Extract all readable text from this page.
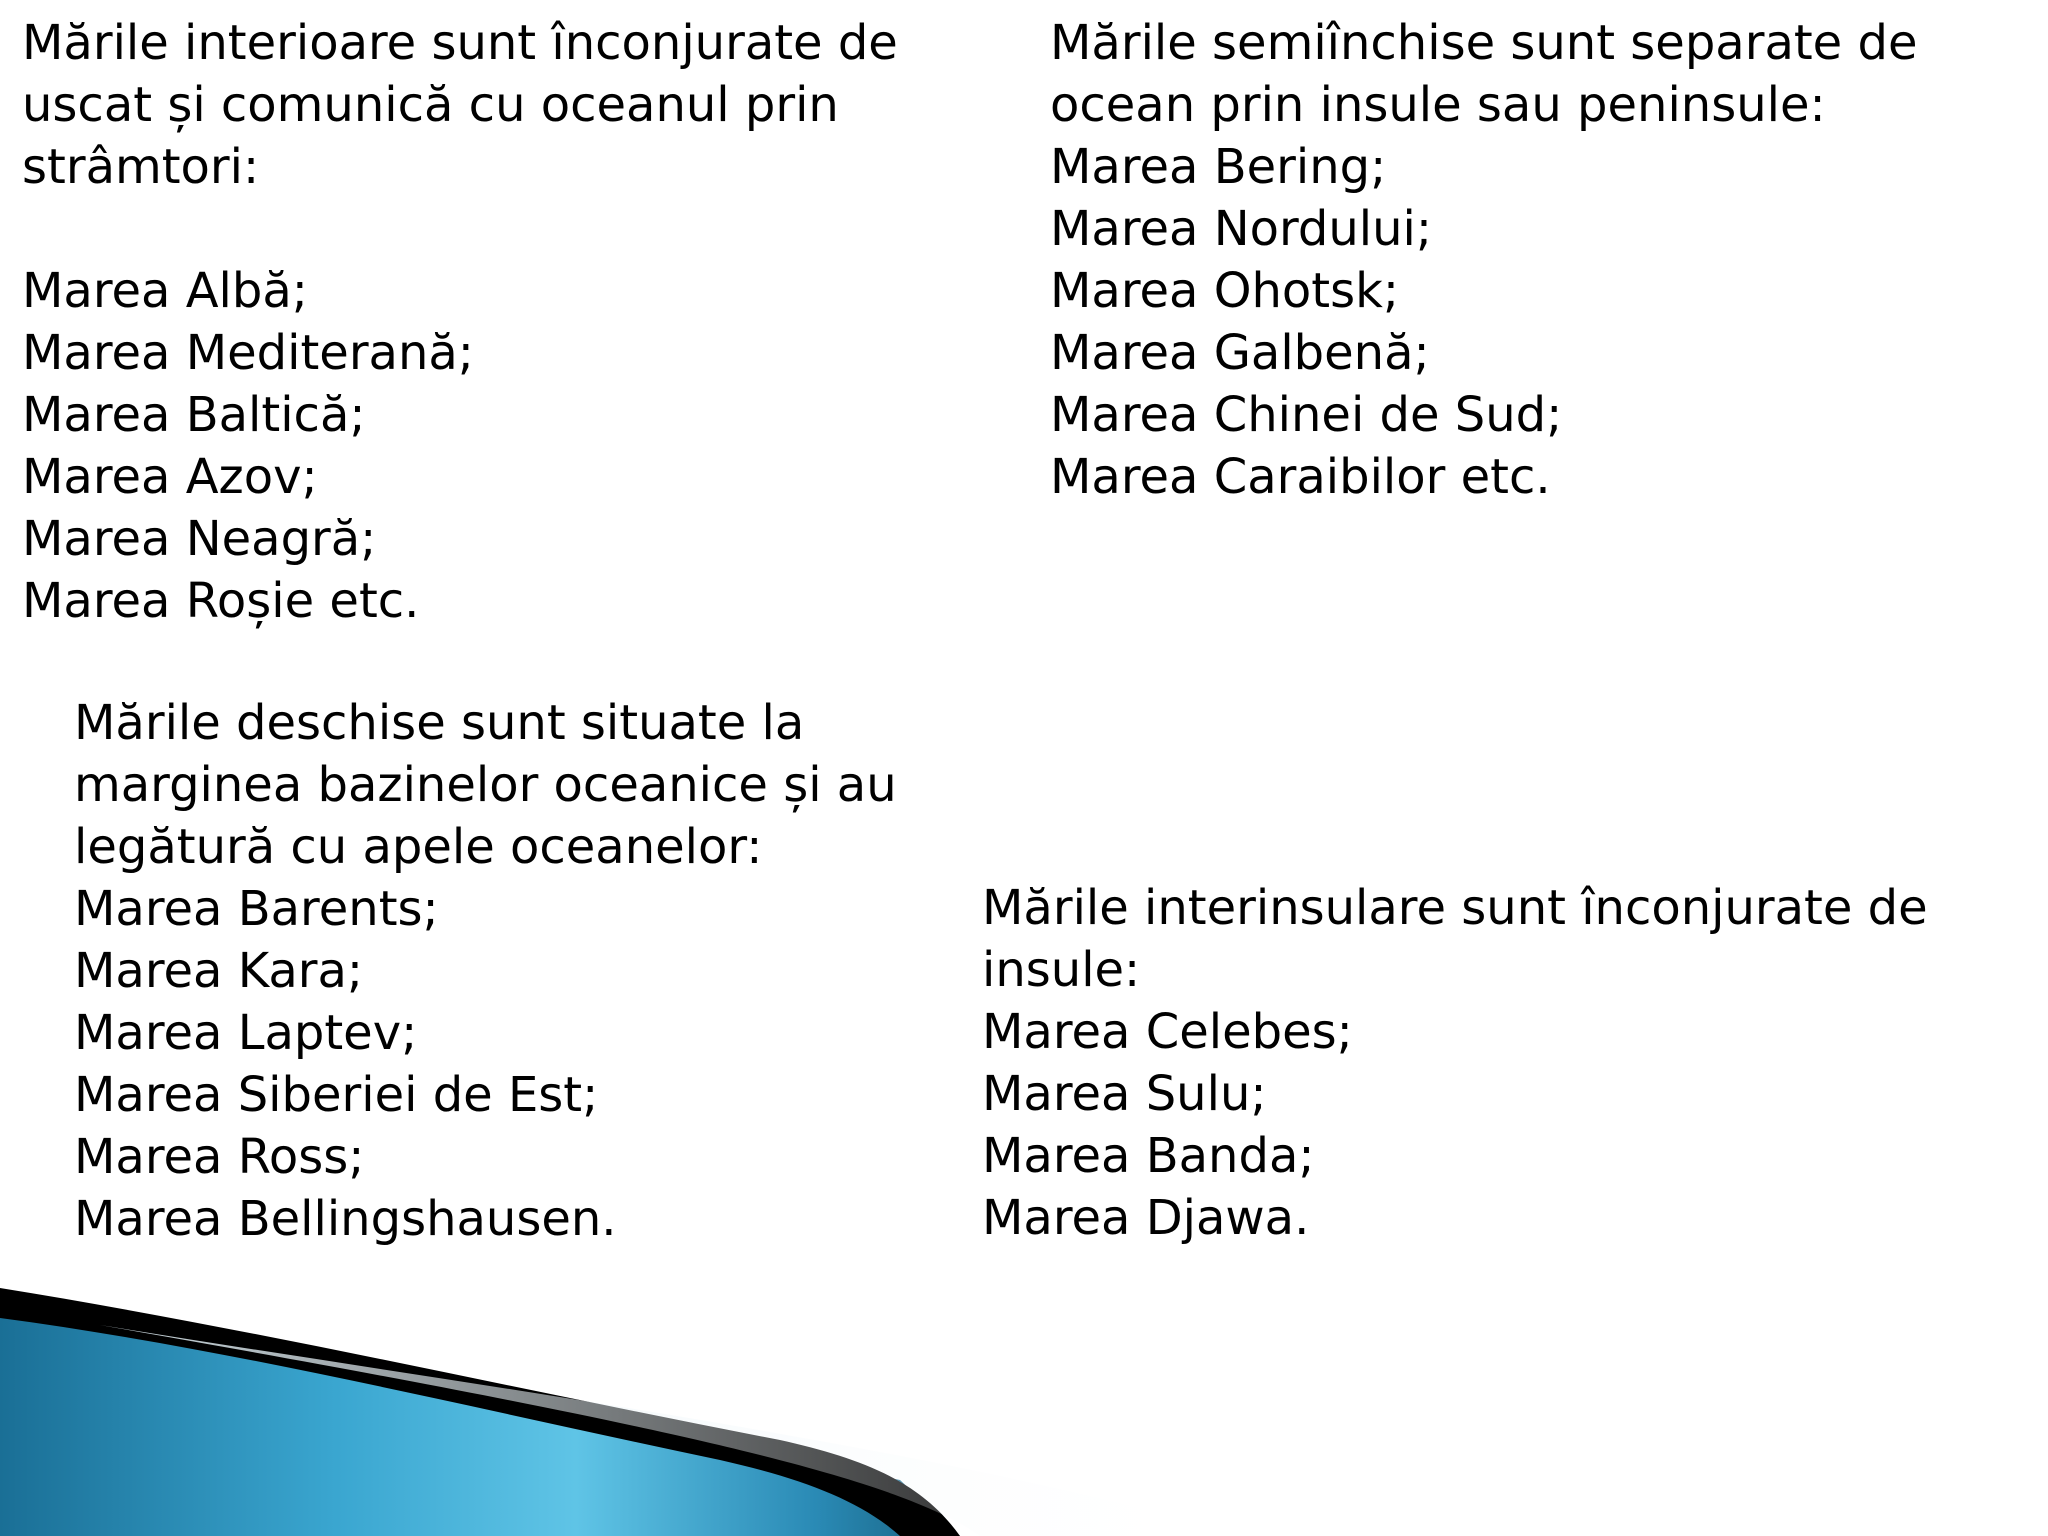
Mările interioare sunt înconjurate de
uscat și comunică cu oceanul prin
strâmtori:
Marea Albă;
Marea Mediterană;
Marea Baltică;
Marea Azov;
Marea Neagră;
Marea Roșie etc.
Mările semiînchise sunt separate de
ocean prin insule sau peninsule:
Marea Bering;
Marea Nordului;
Marea Ohotsk;
Marea Galbenă;
Marea Chinei de Sud;
Marea Caraibilor etc.
Mările deschise sunt situate la
marginea bazinelor oceanice și au
legătură cu apele oceanelor:
Marea Barents;
Marea Kara;
Marea Laptev;
Marea Siberiei de Est;
Marea Ross;
Marea Bellingshausen.
Mările interinsulare sunt înconjurate de
insule:
Marea Celebes;
Marea Sulu;
Marea Banda;
Marea Djawa.
